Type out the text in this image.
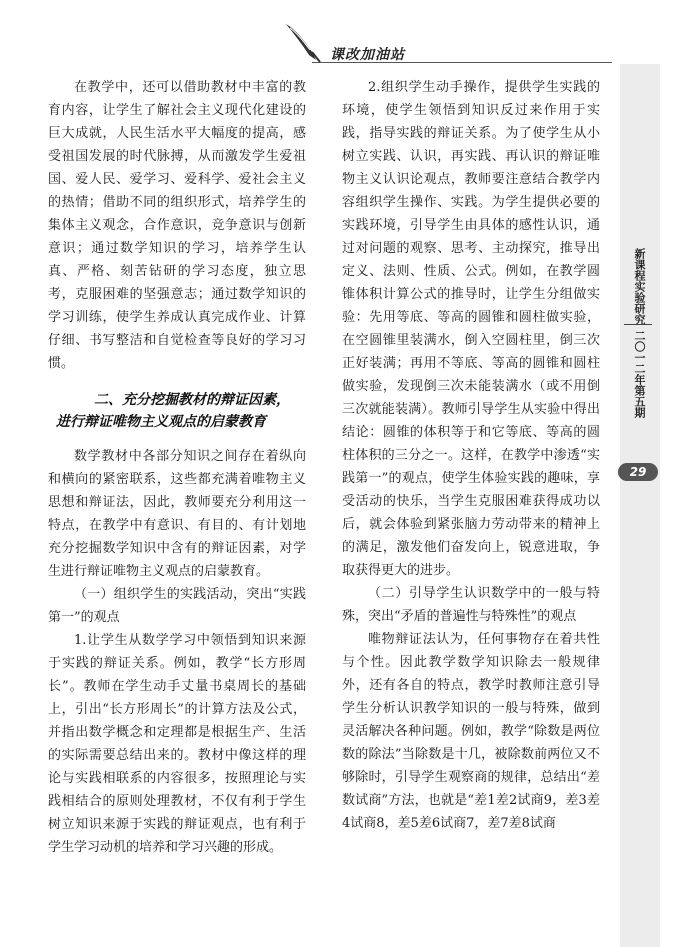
课改加油站
新课程实验研究
二〇一二年第五期
29

在教学中，还可以借助教材中丰富的教育内容，让学生了解社会主义现代化建设的巨大成就，人民生活水平大幅度的提高，感受祖国发展的时代脉搏，从而激发学生爱祖国、爱人民、爱学习、爱科学、爱社会主义的热情；借助不同的组织形式，培养学生的集体主义观念，合作意识，竞争意识与创新意识；通过数学知识的学习，培养学生认真、严格、刻苦钻研的学习态度，独立思考，克服困难的坚强意志；通过数学知识的学习训练，使学生养成认真完成作业、计算仔细、书写整洁和自觉检查等良好的学习习惯。

二、充分挖掘教材的辩证因素，
进行辩证唯物主义观点的启蒙教育

数学教材中各部分知识之间存在着纵向和横向的紧密联系，这些都充满着唯物主义思想和辩证法，因此，教师要充分利用这一特点，在教学中有意识、有目的、有计划地充分挖掘数学知识中含有的辩证因素，对学生进行辩证唯物主义观点的启蒙教育。

（一）组织学生的实践活动，突出“实践第一”的观点

1.让学生从数学学习中领悟到知识来源于实践的辩证关系。例如，教学“长方形周长”。教师在学生动手丈量书桌周长的基础上，引出“长方形周长”的计算方法及公式，并指出数学概念和定理都是根据生产、生活的实际需要总结出来的。教材中像这样的理论与实践相联系的内容很多，按照理论与实践相结合的原则处理教材，不仅有利于学生树立知识来源于实践的辩证观点，也有利于学生学习动机的培养和学习兴趣的形成。

2.组织学生动手操作，提供学生实践的环境，使学生领悟到知识反过来作用于实践，指导实践的辩证关系。为了使学生从小树立实践、认识，再实践、再认识的辩证唯物主义认识论观点，教师要注意结合教学内容组织学生操作、实践。为学生提供必要的实践环境，引导学生由具体的感性认识，通过对问题的观察、思考、主动探究，推导出定义、法则、性质、公式。例如，在教学圆锥体积计算公式的推导时，让学生分组做实验：先用等底、等高的圆锥和圆柱做实验，在空圆锥里装满水，倒入空圆柱里，倒三次正好装满；再用不等底、等高的圆锥和圆柱做实验，发现倒三次未能装满水（或不用倒三次就能装满）。教师引导学生从实验中得出结论：圆锥的体积等于和它等底、等高的圆柱体积的三分之一。这样，在教学中渗透“实践第一”的观点，使学生体验实践的趣味，享受活动的快乐，当学生克服困难获得成功以后，就会体验到紧张脑力劳动带来的精神上的满足，激发他们奋发向上，锐意进取，争取获得更大的进步。

（二）引导学生认识数学中的一般与特殊，突出“矛盾的普遍性与特殊性”的观点

唯物辩证法认为，任何事物存在着共性与个性。因此教学数学知识除去一般规律外，还有各自的特点，教学时教师注意引导学生分析认识教学知识的一般与特殊，做到灵活解决各种问题。例如，教学“除数是两位数的除法”当除数是十几，被除数前两位又不够除时，引导学生观察商的规律，总结出“差数试商”方法，也就是“差1差2试商9，差3差4试商8，差5差6试商7，差7差8试商
